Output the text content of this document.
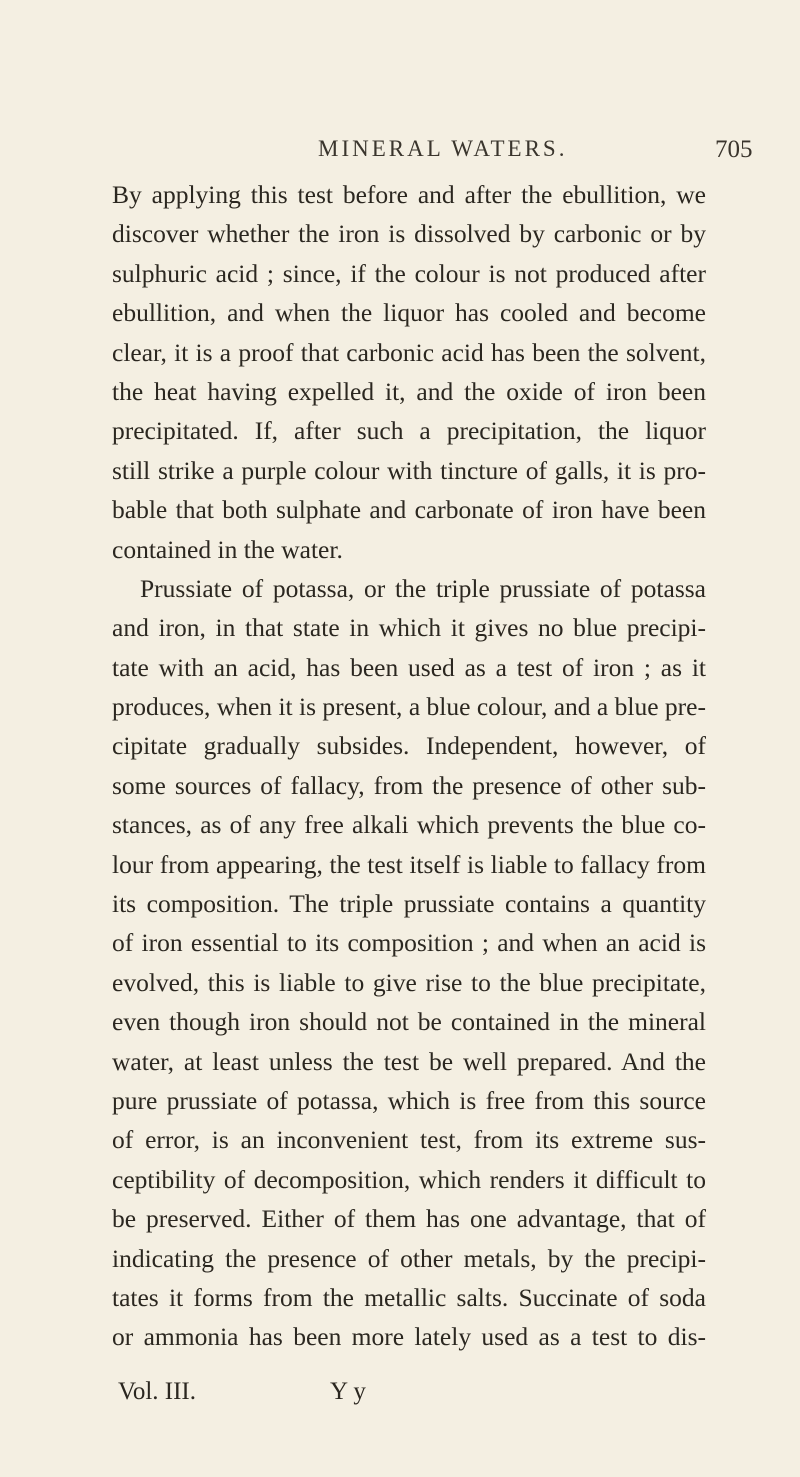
MINERAL WATERS.	705
By applying this test before and after the ebullition, we
discover whether the iron is dissolved by carbonic or by
sulphuric acid ; since, if the colour is not produced after
ebullition, and when the liquor has cooled and become
clear, it is a proof that carbonic acid has been the solvent,
the heat having expelled it, and the oxide of iron been
precipitated. If, after such a precipitation, the liquor
still strike a purple colour with tincture of galls, it is pro-
bable that both sulphate and carbonate of iron have been
contained in the water.
Prussiate of potassa, or the triple prussiate of potassa
and iron, in that state in which it gives no blue precipi-
tate with an acid, has been used as a test of iron ; as it
produces, when it is present, a blue colour, and a blue pre-
cipitate gradually subsides. Independent, however, of
some sources of fallacy, from the presence of other sub-
stances, as of any free alkali which prevents the blue co-
lour from appearing, the test itself is liable to fallacy from
its composition. The triple prussiate contains a quantity
of iron essential to its composition ; and when an acid is
evolved, this is liable to give rise to the blue precipitate,
even though iron should not be contained in the mineral
water, at least unless the test be well prepared. And the
pure prussiate of potassa, which is free from this source
of error, is an inconvenient test, from its extreme sus-
ceptibility of decomposition, which renders it difficult to
be preserved. Either of them has one advantage, that of
indicating the presence of other metals, by the precipi-
tates it forms from the metallic salts. Succinate of soda
or ammonia has been more lately used as a test to dis-
Vol. III.	Y y
